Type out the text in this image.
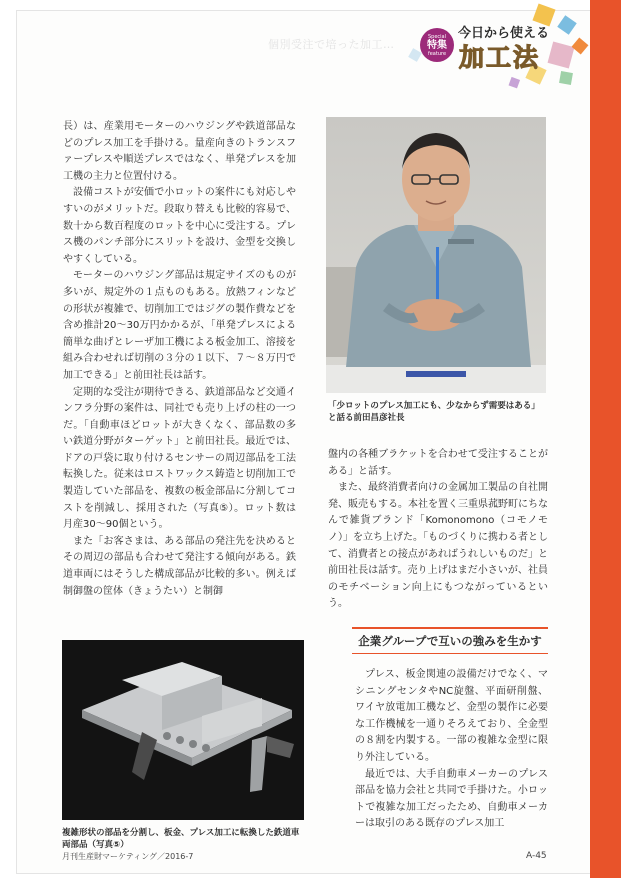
個別受注で培った加工…
Special
特集
feature
今日から使える
加工法

長）は、産業用モーターのハウジングや鉄道部品などのプレス加工を手掛ける。量産向きのトランスファープレスや順送プレスではなく、単発プレスを加工機の主力と位置付ける。

設備コストが安価で小ロットの案件にも対応しやすいのがメリットだ。段取り替えも比較的容易で、数十から数百程度のロットを中心に受注する。プレス機のパンチ部分にスリットを設け、金型を交換しやすくしている。

モーターのハウジング部品は規定サイズのものが多いが、規定外の１点ものもある。放熱フィンなどの形状が複雑で、切削加工ではジグの製作費などを含め推計20～30万円かかるが、「単発プレスによる簡単な曲げとレーザ加工機による板金加工、溶接を組み合わせれば切削の３分の１以下、７～８万円で加工できる」と前田社長は話す。

定期的な受注が期待できる、鉄道部品など交通インフラ分野の案件は、同社でも売り上げの柱の一つだ。「自動車ほどロットが大きくなく、部品数の多い鉄道分野がターゲット」と前田社長。最近では、ドアの戸袋に取り付けるセンサーの周辺部品を工法転換した。従来はロストワックス鋳造と切削加工で製造していた部品を、複数の板金部品に分割してコストを削減し、採用された（写真⑤）。ロット数は月産30～90個という。

また「お客さまは、ある部品の発注先を決めるとその周辺の部品も合わせて発注する傾向がある。鉄道車両にはそうした構成部品が比較的多い。例えば制御盤の筐体（きょうたい）と制御

「少ロットのプレス加工にも、少なからず需要はある」と話る前田昌彦社長

盤内の各種ブラケットを合わせて受注することがある」と話す。

また、最終消費者向けの金属加工製品の自社開発、販売もする。本社を置く三重県菰野町にちなんで雑貨ブランド「Komonomono（コモノモノ）」を立ち上げた。「ものづくりに携わる者として、消費者との接点があればうれしいものだ」と前田社長は話す。売り上げはまだ小さいが、社員のモチベーション向上にもつながっているという。

企業グループで互いの強みを生かす

プレス、板金関連の設備だけでなく、マシニングセンタやNC旋盤、平面研削盤、ワイヤ放電加工機など、金型の製作に必要な工作機械を一通りそろえており、全金型の８割を内製する。一部の複雑な金型に限り外注している。

最近では、大手自動車メーカーのプレス部品を協力会社と共同で手掛けた。小ロットで複雑な加工だったため、自動車メーカーは取引のある既存のプレス加工

複雑形状の部品を分割し、板金、プレス加工に転換した鉄道車両部品（写真⑤）
月刊生産財マーケティング／2016-7	A-45
